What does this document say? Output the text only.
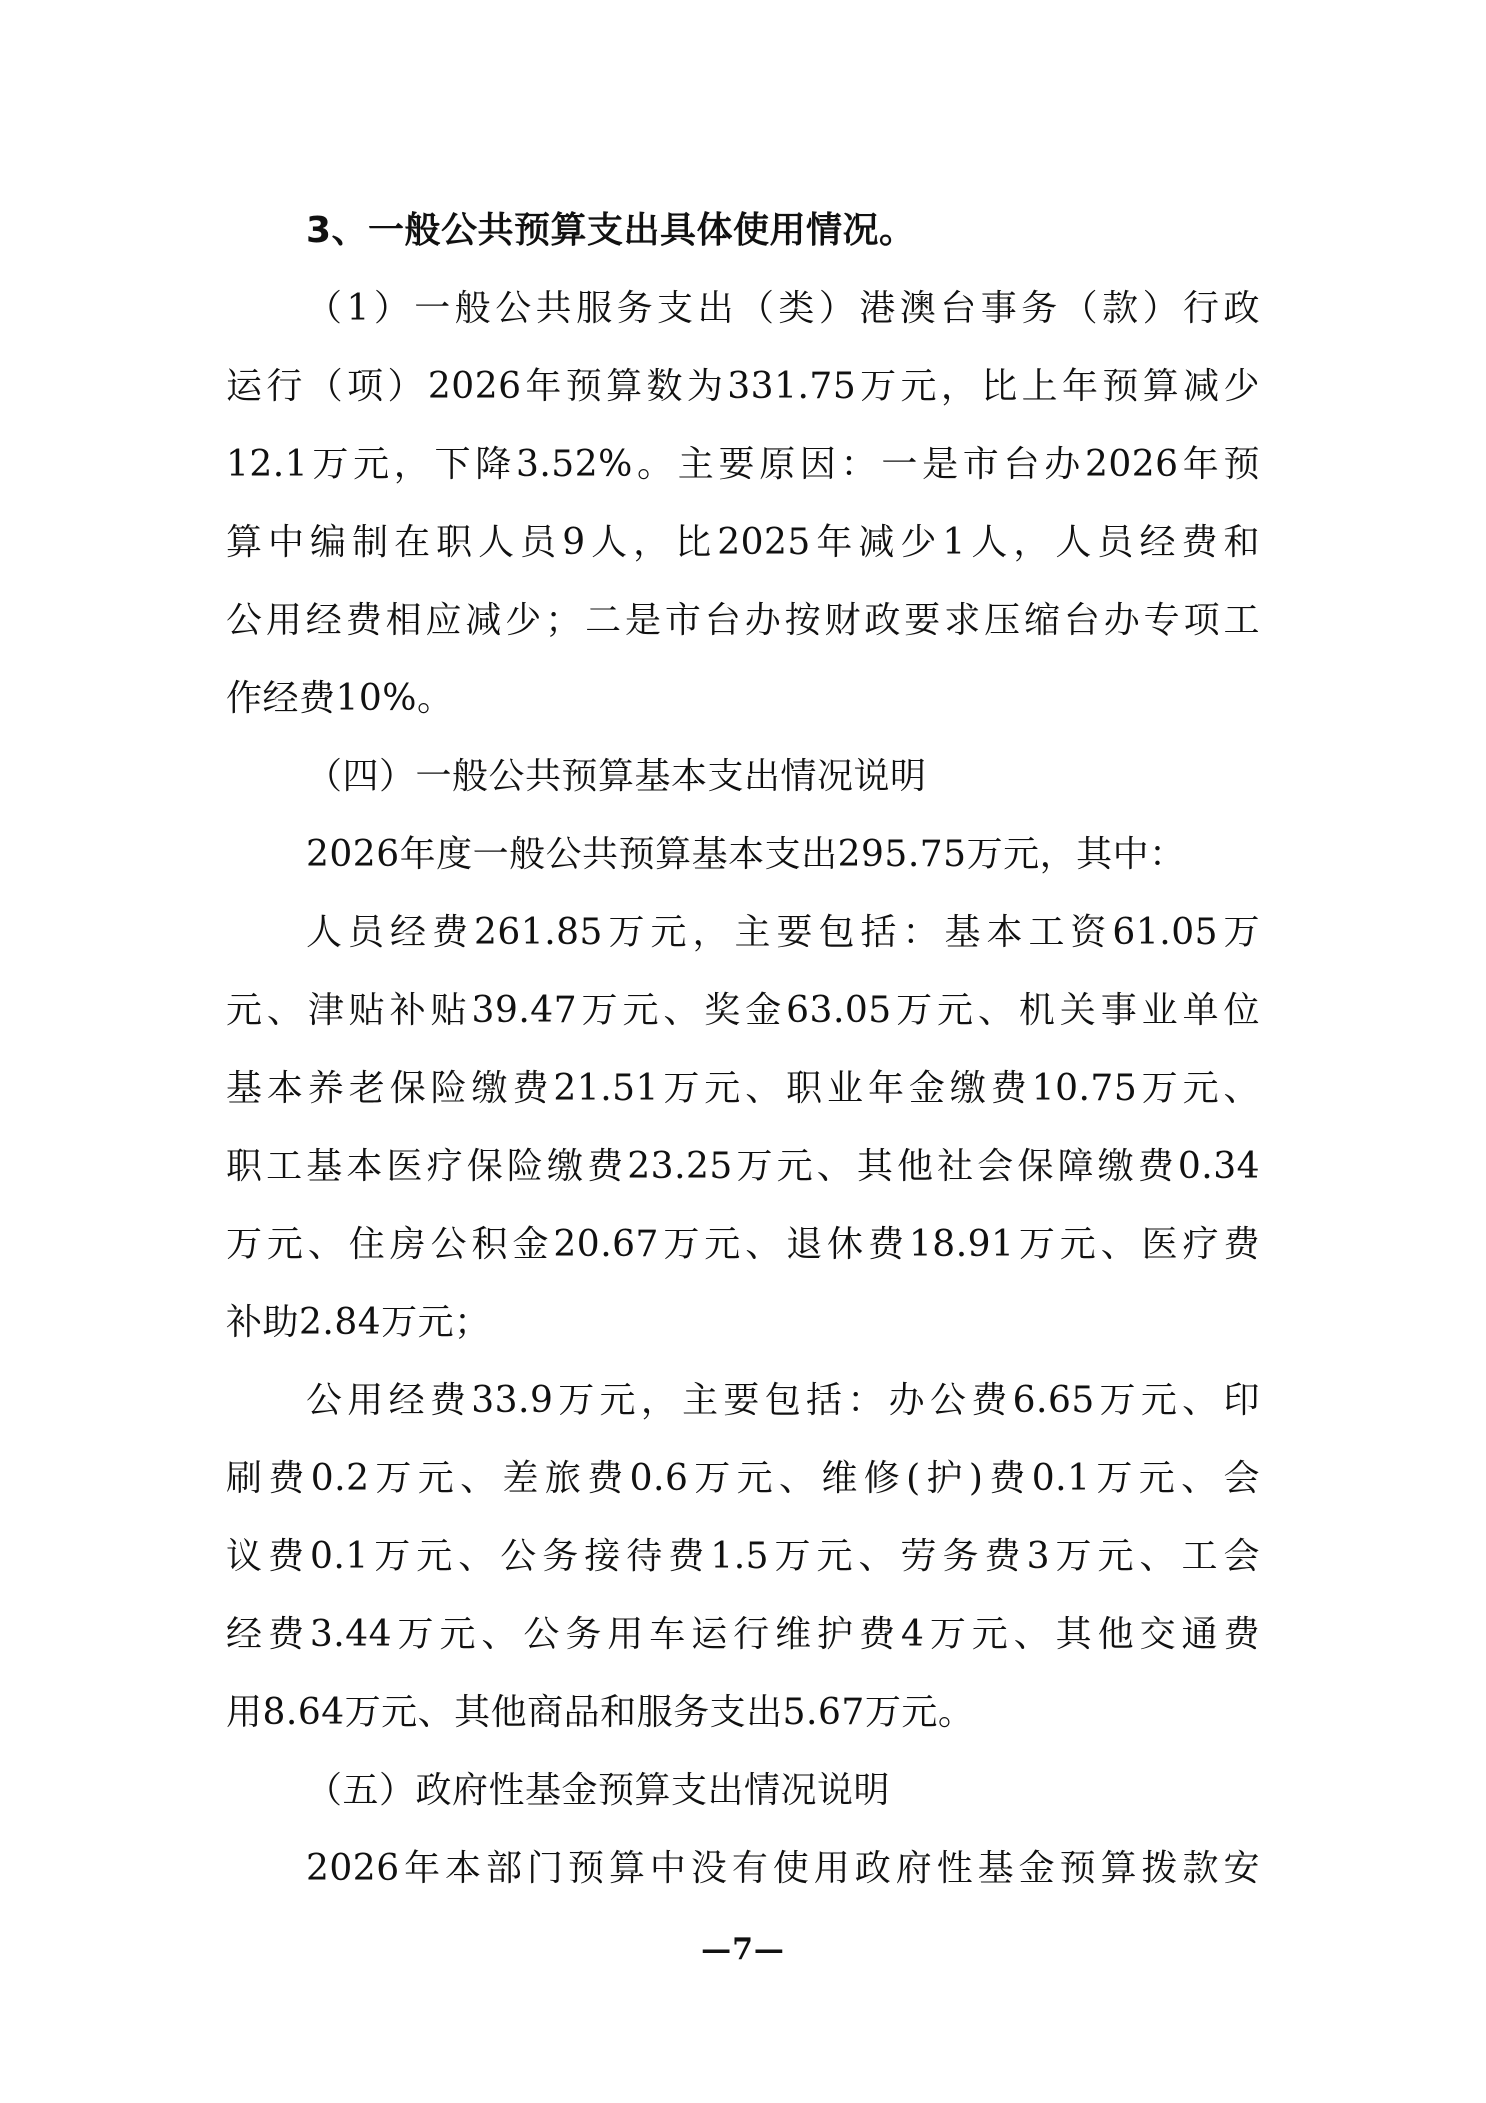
3、一般公共预算支出具体使用情况。
（1）一般公共服务支出（类）港澳台事务（款）行政
运行（项）2026年预算数为331.75万元，比上年预算减少
12.1万元，下降3.52%。主要原因：一是市台办2026年预
算中编制在职人员9人，比2025年减少1人，人员经费和
公用经费相应减少；二是市台办按财政要求压缩台办专项工
作经费10%。
（四）一般公共预算基本支出情况说明
2026年度一般公共预算基本支出295.75万元，其中：
人员经费261.85万元，主要包括：基本工资61.05万
元、津贴补贴39.47万元、奖金63.05万元、机关事业单位
基本养老保险缴费21.51万元、职业年金缴费10.75万元、
职工基本医疗保险缴费23.25万元、其他社会保障缴费0.34
万元、住房公积金20.67万元、退休费18.91万元、医疗费
补助2.84万元；
公用经费33.9万元，主要包括：办公费6.65万元、印
刷费0.2万元、差旅费0.6万元、维修(护)费0.1万元、会
议费0.1万元、公务接待费1.5万元、劳务费3万元、工会
经费3.44万元、公务用车运行维护费4万元、其他交通费
用8.64万元、其他商品和服务支出5.67万元。
（五）政府性基金预算支出情况说明
2026年本部门预算中没有使用政府性基金预算拨款安
—7—
